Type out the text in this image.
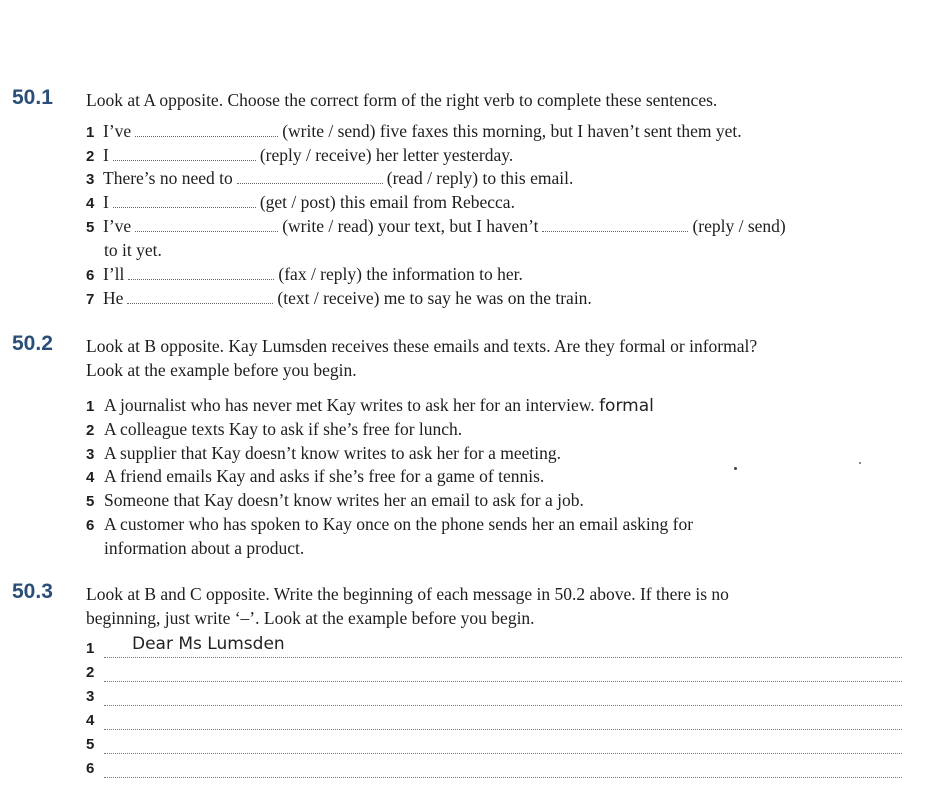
50.1 Look at A opposite. Choose the correct form of the right verb to complete these sentences.
1 I’ve	(write / send) five faxes this morning, but I haven’t sent them yet.
2 I	(reply / receive) her letter yesterday.
3 There’s no need to	(read / reply) to this email.
4 I	(get / post) this email from Rebecca.
5 I’ve	(write / read) your text, but I haven’t	(reply / send)
to it yet.
6 I’ll	(fax / reply) the information to her.
7 He	(text / receive) me to say he was on the train.
50.2 Look at B opposite. Kay Lumsden receives these emails and texts. Are they formal or informal?
Look at the example before you begin.
1 A journalist who has never met Kay writes to ask her for an interview. formal
2 A colleague texts Kay to ask if she’s free for lunch.
3 A supplier that Kay doesn’t know writes to ask her for a meeting.
4 A friend emails Kay and asks if she’s free for a game of tennis.
5 Someone that Kay doesn’t know writes her an email to ask for a job.
6 A customer who has spoken to Kay once on the phone sends her an email asking for
information about a product.
50.3 Look at B and C opposite. Write the beginning of each message in 50.2 above. If there is no
beginning, just write ‘–’. Look at the example before you begin.
1 Dear Ms Lumsden
2
3
4
5
6
